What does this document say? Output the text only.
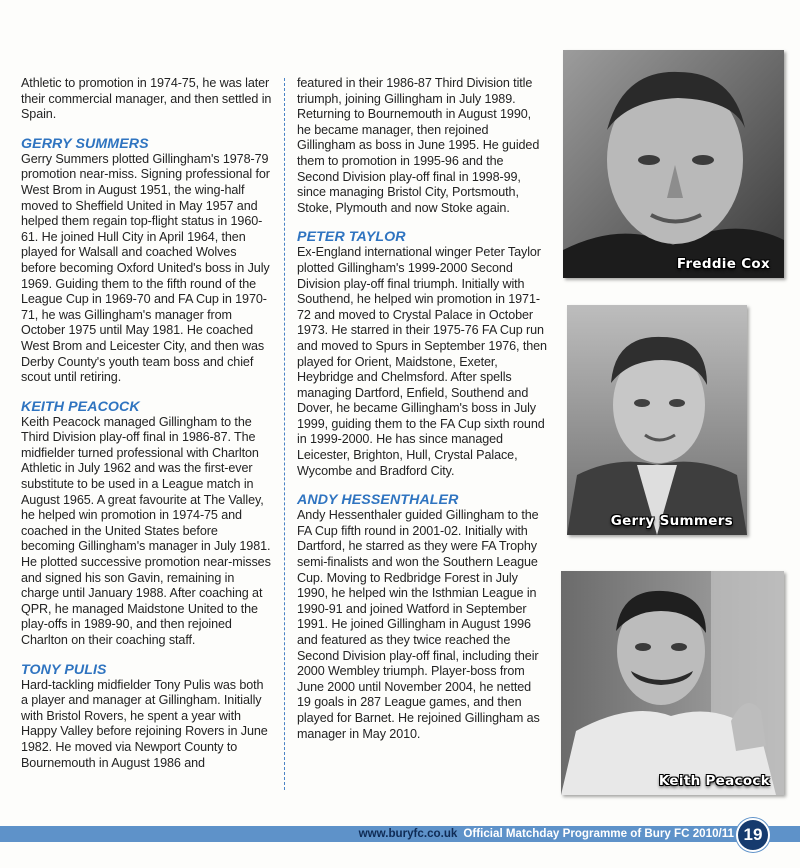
Athletic to promotion in 1974-75, he was later their commercial manager, and then settled in Spain.

GERRY SUMMERS

Gerry Summers plotted Gillingham's 1978-79 promotion near-miss. Signing professional for West Brom in August 1951, the wing-half moved to Sheffield United in May 1957 and helped them regain top-flight status in 1960-61. He joined Hull City in April 1964, then played for Walsall and coached Wolves before becoming Oxford United's boss in July 1969. Guiding them to the fifth round of the League Cup in 1969-70 and FA Cup in 1970-71, he was Gillingham's manager from October 1975 until May 1981. He coached West Brom and Leicester City, and then was Derby County's youth team boss and chief scout until retiring.

KEITH PEACOCK

Keith Peacock managed Gillingham to the Third Division play-off final in 1986-87. The midfielder turned professional with Charlton Athletic in July 1962 and was the first-ever substitute to be used in a League match in August 1965. A great favourite at The Valley, he helped win promotion in 1974-75 and coached in the United States before becoming Gillingham's manager in July 1981. He plotted successive promotion near-misses and signed his son Gavin, remaining in charge until January 1988. After coaching at QPR, he managed Maidstone United to the play-offs in 1989-90, and then rejoined Charlton on their coaching staff.

TONY PULIS

Hard-tackling midfielder Tony Pulis was both a player and manager at Gillingham. Initially with Bristol Rovers, he spent a year with Happy Valley before rejoining Rovers in June 1982. He moved via Newport County to Bournemouth in August 1986 and

featured in their 1986-87 Third Division title triumph, joining Gillingham in July 1989. Returning to Bournemouth in August 1990, he became manager, then rejoined Gillingham as boss in June 1995. He guided them to promotion in 1995-96 and the Second Division play-off final in 1998-99, since managing Bristol City, Portsmouth, Stoke, Plymouth and now Stoke again.

PETER TAYLOR

Ex-England international winger Peter Taylor plotted Gillingham's 1999-2000 Second Division play-off final triumph. Initially with Southend, he helped win promotion in 1971-72 and moved to Crystal Palace in October 1973. He starred in their 1975-76 FA Cup run and moved to Spurs in September 1976, then played for Orient, Maidstone, Exeter, Heybridge and Chelmsford. After spells managing Dartford, Enfield, Southend and Dover, he became Gillingham's boss in July 1999, guiding them to the FA Cup sixth round in 1999-2000. He has since managed Leicester, Brighton, Hull, Crystal Palace, Wycombe and Bradford City.

ANDY HESSENTHALER

Andy Hessenthaler guided Gillingham to the FA Cup fifth round in 2001-02. Initially with Dartford, he starred as they were FA Trophy semi-finalists and won the Southern League Cup. Moving to Redbridge Forest in July 1990, he helped win the Isthmian League in 1990-91 and joined Watford in September 1991. He joined Gillingham in August 1996 and featured as they twice reached the Second Division play-off final, including their 2000 Wembley triumph. Player-boss from June 2000 until November 2004, he netted 19 goals in 287 League games, and then played for Barnet. He rejoined Gillingham as manager in May 2010.

Freddie Cox
Gerry Summers
Keith Peacock
www.buryfc.co.uk Official Matchday Programme of Bury FC 2010/11 19
